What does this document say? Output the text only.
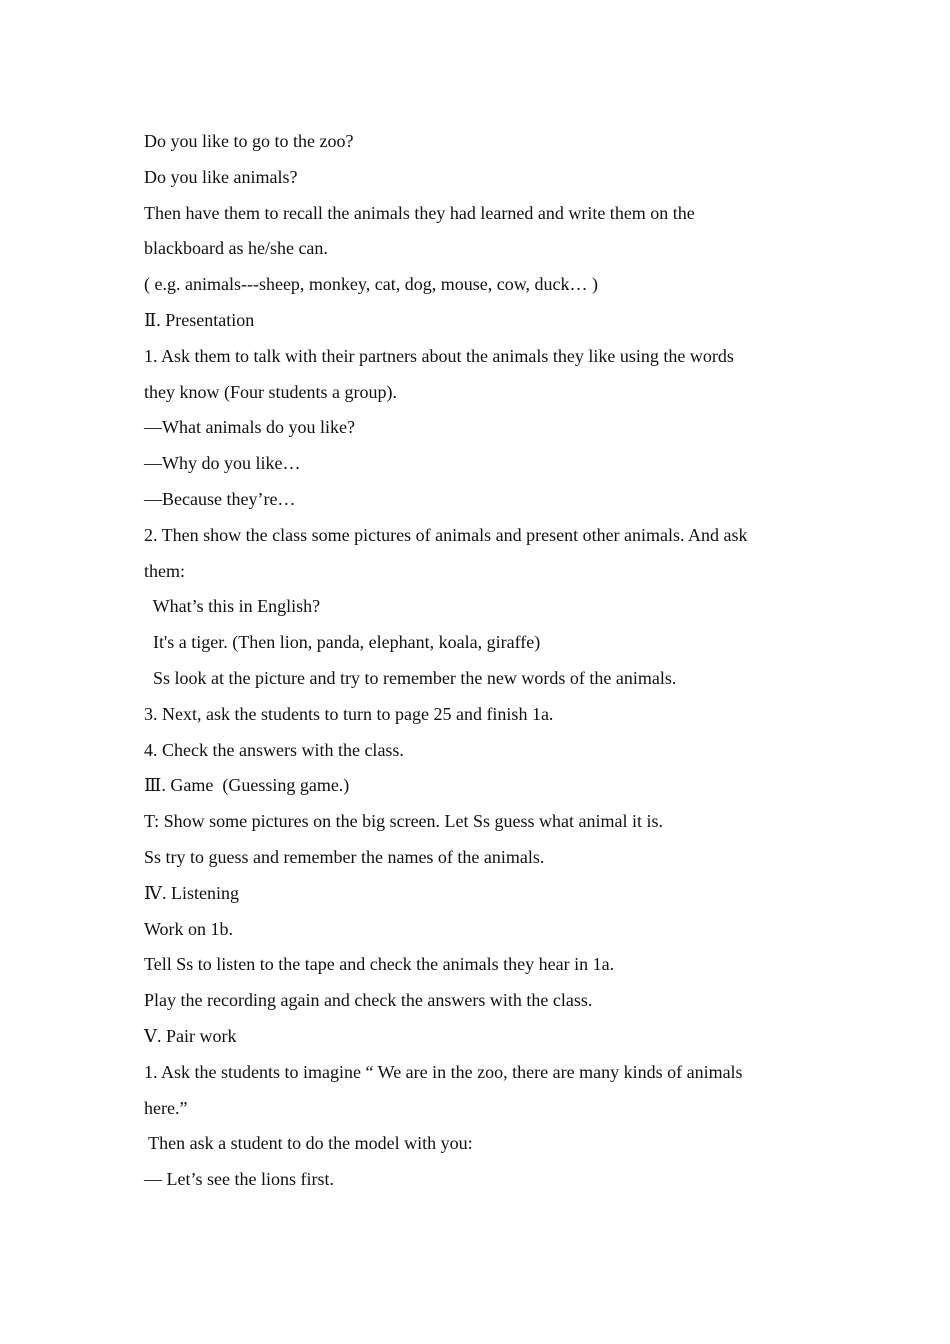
Do you like to go to the zoo?
Do you like animals?
Then have them to recall the animals they had learned and write them on the
blackboard as he/she can.
( e.g. animals---sheep, monkey, cat, dog, mouse, cow, duck… )
Ⅱ. Presentation
1. Ask them to talk with their partners about the animals they like using the words
they know (Four students a group).
—What animals do you like?
—Why do you like…
—Because they’re…
2. Then show the class some pictures of animals and present other animals. And ask
them:
What’s this in English?
It's a tiger. (Then lion, panda, elephant, koala, giraffe)
Ss look at the picture and try to remember the new words of the animals.
3. Next, ask the students to turn to page 25 and finish 1a.
4. Check the answers with the class.
Ⅲ. Game  (Guessing game.)
T: Show some pictures on the big screen. Let Ss guess what animal it is.
Ss try to guess and remember the names of the animals.
Ⅳ. Listening
Work on 1b.
Tell Ss to listen to the tape and check the animals they hear in 1a.
Play the recording again and check the answers with the class.
Ⅴ. Pair work
1. Ask the students to imagine “ We are in the zoo, there are many kinds of animals
here.”
Then ask a student to do the model with you:
— Let’s see the lions first.
